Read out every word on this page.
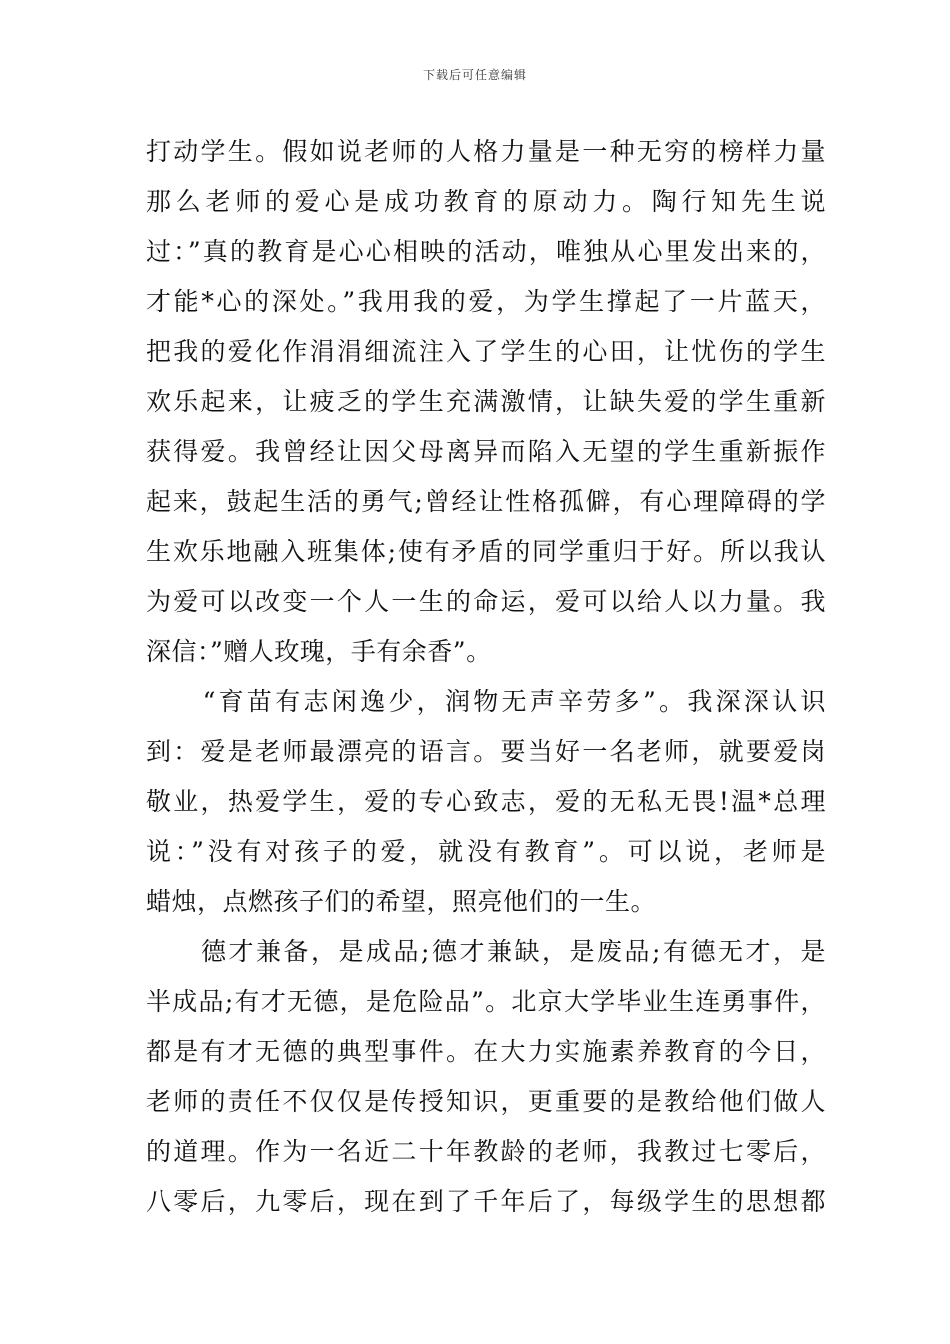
下载后可任意编辑
打动学生。假如说老师的人格力量是一种无穷的榜样力量
那么老师的爱心是成功教育的原动力。陶行知先生说
过：”真的教育是心心相映的活动，唯独从心里发出来的，
才能*心的深处。”我用我的爱，为学生撑起了一片蓝天，
把我的爱化作涓涓细流注入了学生的心田，让忧伤的学生
欢乐起来，让疲乏的学生充满激情，让缺失爱的学生重新
获得爱。我曾经让因父母离异而陷入无望的学生重新振作
起来，鼓起生活的勇气;曾经让性格孤僻，有心理障碍的学
生欢乐地融入班集体;使有矛盾的同学重归于好。所以我认
为爱可以改变一个人一生的命运，爱可以给人以力量。我
深信：”赠人玫瑰，手有余香”。
　　“育苗有志闲逸少，润物无声辛劳多”。我深深认识
到：爱是老师最漂亮的语言。要当好一名老师，就要爱岗
敬业，热爱学生，爱的专心致志，爱的无私无畏!温*总理
说：”没有对孩子的爱，就没有教育”。可以说，老师是
蜡烛，点燃孩子们的希望，照亮他们的一生。
　　德才兼备，是成品;德才兼缺，是废品;有德无才，是
半成品;有才无德，是危险品”。北京大学毕业生连勇事件，
都是有才无德的典型事件。在大力实施素养教育的今日，
老师的责任不仅仅是传授知识，更重要的是教给他们做人
的道理。作为一名近二十年教龄的老师，我教过七零后，
八零后，九零后，现在到了千年后了，每级学生的思想都
